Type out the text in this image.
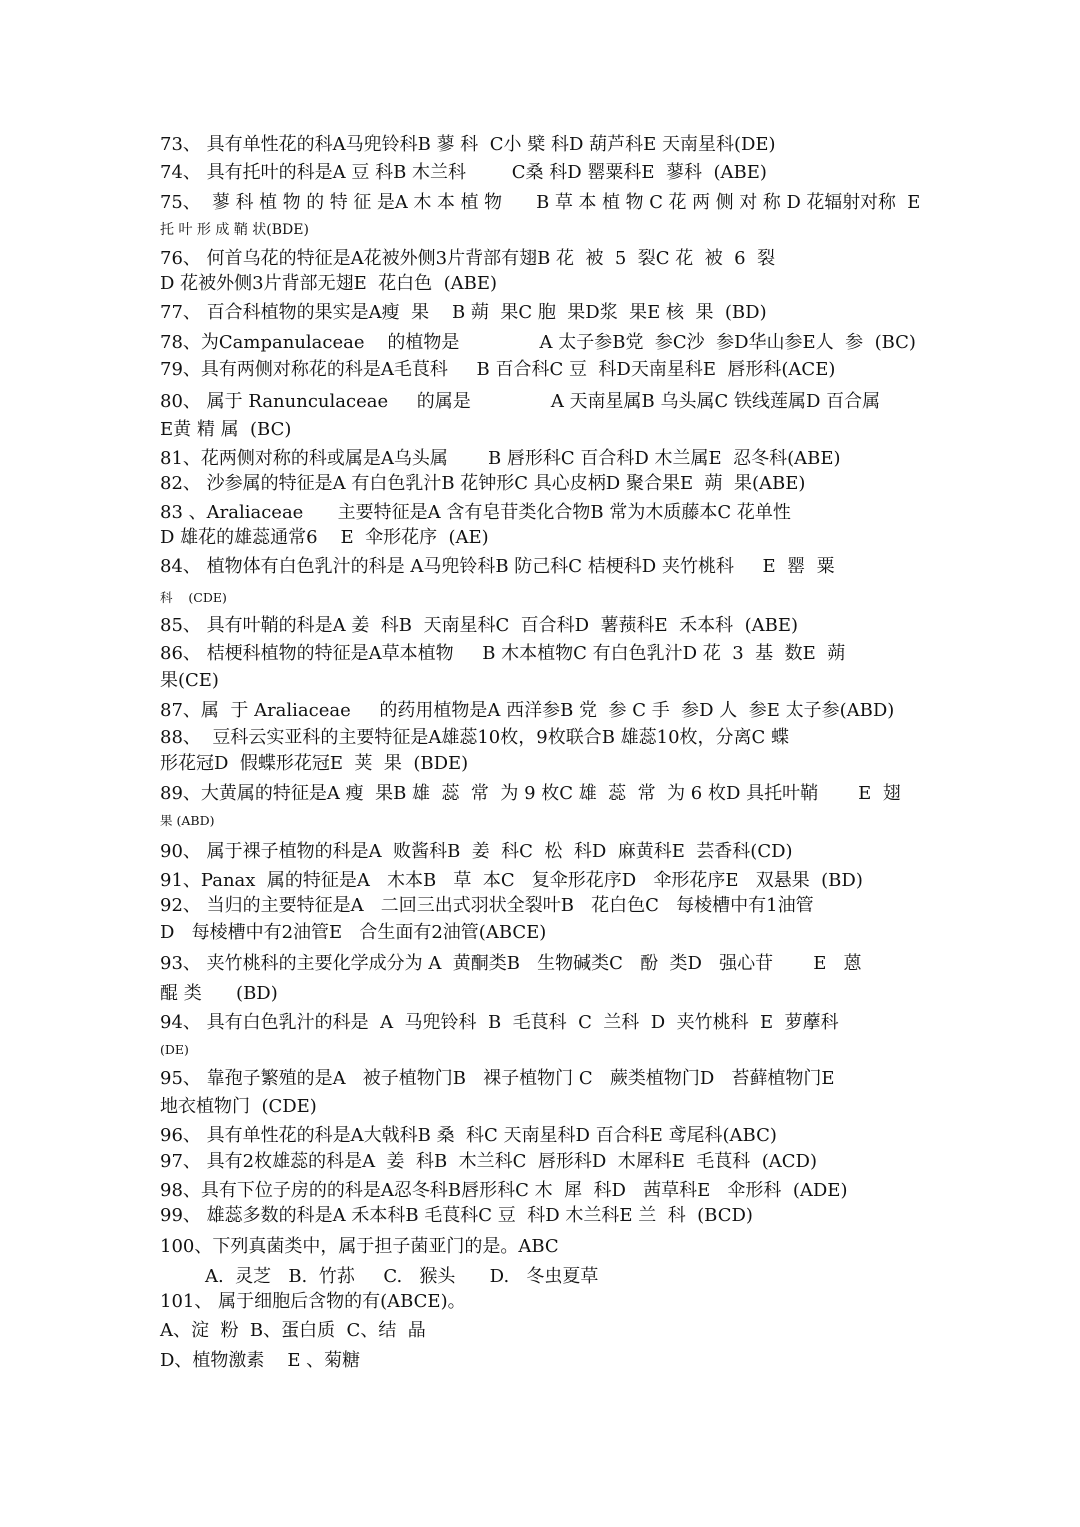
73、 具有单性花的科A马兜铃科B 蓼 科  C小 檗 科D 葫芦科E 天南星科(DE)
74、 具有托叶的科是A 豆 科B 木兰科        C桑 科D 罂粟科E  蓼科  (ABE)
75、  蓼 科 植 物 的 特 征 是A 木 本 植 物      B 草 本 植 物 C 花 两 侧 对 称 D 花辐射对称  E
托 叶 形 成 鞘 状(BDE)
76、 何首乌花的特征是A花被外侧3片背部有翅B 花  被  5  裂C 花  被  6  裂
D 花被外侧3片背部无翅E  花白色  (ABE)
77、 百合科植物的果实是A瘦  果    B 蒴  果C 胞  果D浆  果E 核  果  (BD)
78、为Campanulaceae    的植物是              A 太子参B党  参C沙  参D华山参E人  参  (BC)
79、具有两侧对称花的科是A毛茛科     B 百合科C 豆  科D天南星科E  唇形科(ACE)
80、 属于 Ranunculaceae     的属是              A 天南星属B 乌头属C 铁线莲属D 百合属
E黄 精 属  (BC)
81、花两侧对称的科或属是A乌头属       B 唇形科C 百合科D 木兰属E  忍冬科(ABE)
82、 沙参属的特征是A 有白色乳汁B 花钟形C 具心皮柄D 聚合果E  蒴  果(ABE)
83 、Araliaceae      主要特征是A 含有皂苷类化合物B 常为木质藤本C 花单性
D 雄花的雄蕊通常6    E  伞形花序  (AE)
84、 植物体有白色乳汁的科是 A马兜铃科B 防己科C 桔梗科D 夹竹桃科     E  罂  粟
科    (CDE)
85、 具有叶鞘的科是A 姜  科B  天南星科C  百合科D  薯蓣科E  禾本科  (ABE)
86、 桔梗科植物的特征是A草本植物     B 木本植物C 有白色乳汁D 花  3  基  数E  蒴
果(CE)
87、属  于 Araliaceae     的药用植物是A 西洋参B 党  参 C 手  参D 人  参E 太子参(ABD)
88、  豆科云实亚科的主要特征是A雄蕊10枚，9枚联合B 雄蕊10枚，分离C 蝶
形花冠D  假蝶形花冠E  荚  果  (BDE)
89、大黄属的特征是A 瘦  果B 雄  蕊  常  为 9 枚C 雄  蕊  常  为 6 枚D 具托叶鞘       E  翅
果 (ABD)
90、 属于裸子植物的科是A  败酱科B  姜  科C  松  科D  麻黄科E  芸香科(CD)
91、Panax  属的特征是A   木本B   草  本C   复伞形花序D   伞形花序E   双悬果  (BD)
92、 当归的主要特征是A   二回三出式羽状全裂叶B   花白色C   每棱槽中有1油管
D   每棱槽中有2油管E   合生面有2油管(ABCE)
93、 夹竹桃科的主要化学成分为 A  黄酮类B   生物碱类C   酚  类D   强心苷       E   蒽
醌 类      (BD)
94、 具有白色乳汁的科是  A  马兜铃科  B  毛茛科  C  兰科  D  夹竹桃科  E  萝藦科
(DE)
95、 靠孢子繁殖的是A   被子植物门B   裸子植物门 C   蕨类植物门D   苔藓植物门E
地衣植物门  (CDE)
96、 具有单性花的科是A大戟科B 桑  科C 天南星科D 百合科E 鸢尾科(ABC)
97、 具有2枚雄蕊的科是A  姜  科B  木兰科C  唇形科D  木犀科E  毛茛科  (ACD)
98、具有下位子房的的科是A忍冬科B唇形科C 木  犀  科D   茜草科E   伞形科  (ADE)
99、 雄蕊多数的科是A 禾本科B 毛茛科C 豆  科D 木兰科E 兰  科  (BCD)
100、下列真菌类中，属于担子菌亚门的是。ABC
A.  灵芝   B.  竹荪     C.   猴头      D.   冬虫夏草
101、 属于细胞后含物的有(ABCE)。
A、淀  粉  B、蛋白质  C、结  晶
D、植物激素    E 、菊糖
